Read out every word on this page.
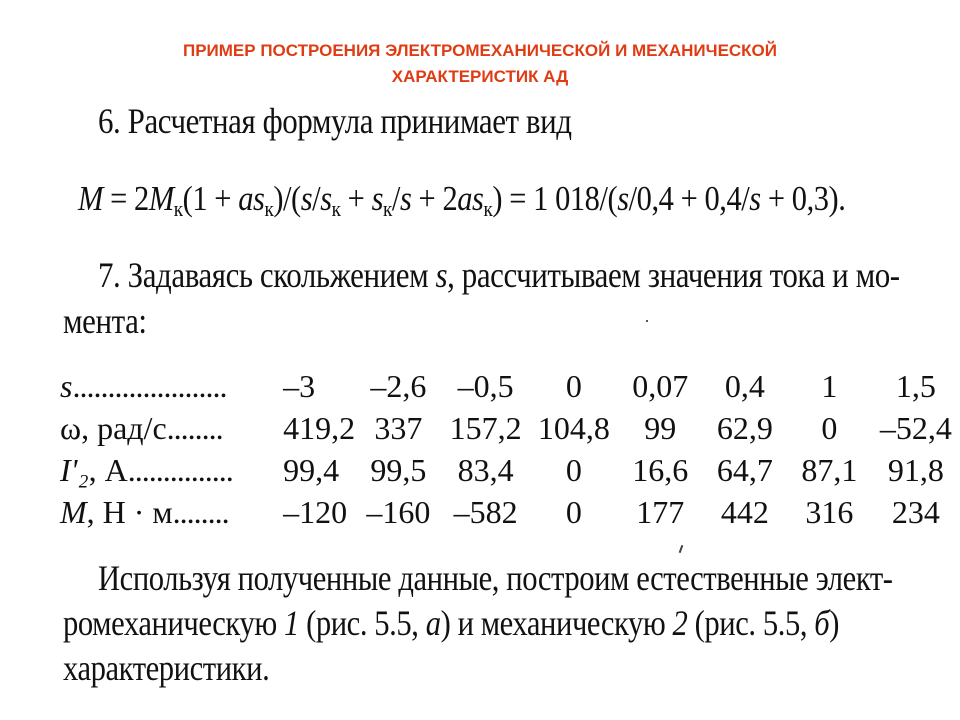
ПРИМЕР ПОСТРОЕНИЯ ЭЛЕКТРОМЕХАНИЧЕСКОЙ И МЕХАНИЧЕСКОЙ
ХАРАКТЕРИСТИК АД
6. Расчетная формула принимает вид
$M = 2M_к(1 + as_к)/(s/s_к + s_к/s + 2as_к) = 1$ 018/(s/0,4 + 0,4/s + 0,3).
7. Задаваясь скольжением s, рассчитываем значения тока и мо-
мента:
s......................	–3	–2,6	–0,5	0	0,07	0,4	1	1,5
ω, рад/с........	419,2	337	157,2	104,8	99	62,9	0	–52,4
I'₂, А...............	99,4	99,5	83,4	0	16,6	64,7	87,1	91,8
M, Н · м........	–120	–160	–582	0	177	442	316	234
Используя полученные данные, построим естественные элект-
ромеханическую 1 (рис. 5.5, а) и механическую 2 (рис. 5.5, б)
характеристики.
